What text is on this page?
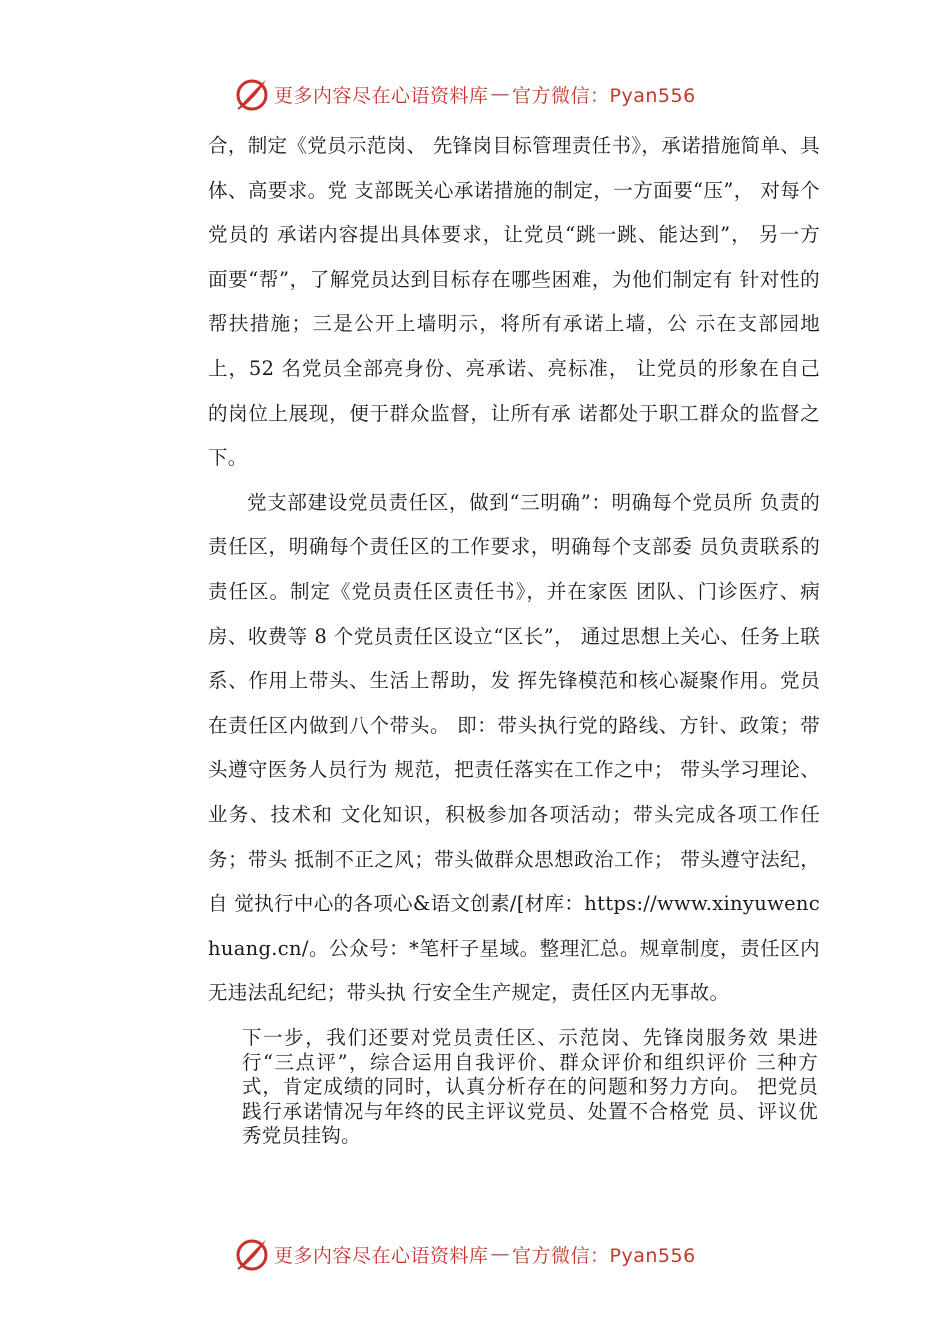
更多内容尽在心语资料库 — 官方微信：Pyan556

合，制定《党员示范岗、 先锋岗目标管理责任书》，承诺措施简单、具体、高要求。党 支部既关心承诺措施的制定，一方面要“压”， 对每个党员的 承诺内容提出具体要求，让党员“跳一跳、能达到”， 另一方 面要“帮”，了解党员达到目标存在哪些困难，为他们制定有 针对性的帮扶措施；三是公开上墙明示，将所有承诺上墙，公 示在支部园地上，52 名党员全部亮身份、亮承诺、亮标准， 让党员的形象在自己的岗位上展现，便于群众监督，让所有承 诺都处于职工群众的监督之下。

党支部建设党员责任区，做到“三明确”：明确每个党员所 负责的责任区，明确每个责任区的工作要求，明确每个支部委 员负责联系的责任区。制定《党员责任区责任书》，并在家医 团队、门诊医疗、病房、收费等 8 个党员责任区设立“区长”， 通过思想上关心、任务上联系、作用上带头、生活上帮助，发 挥先锋模范和核心凝聚作用。党员在责任区内做到八个带头。 即：带头执行党的路线、方针、政策；带头遵守医务人员行为 规范，把责任落实在工作之中； 带头学习理论、业务、技术和 文化知识，积极参加各项活动；带头完成各项工作任务；带头 抵制不正之风；带头做群众思想政治工作； 带头遵守法纪，自 觉执行中心的各项心&语文创素/[材库：https://www.xinyuwenchuang.cn/。公众号：*笔杆子星域。整理汇总。规章制度，责任区内无违法乱纪纪；带头执 行安全生产规定，责任区内无事故。

下一步，我们还要对党员责任区、示范岗、先锋岗服务效 果进行“三点评”，综合运用自我评价、群众评价和组织评价 三种方式，肯定成绩的同时，认真分析存在的问题和努力方向。 把党员践行承诺情况与年终的民主评议党员、处置不合格党 员、评议优秀党员挂钩。

更多内容尽在心语资料库 — 官方微信：Pyan556
